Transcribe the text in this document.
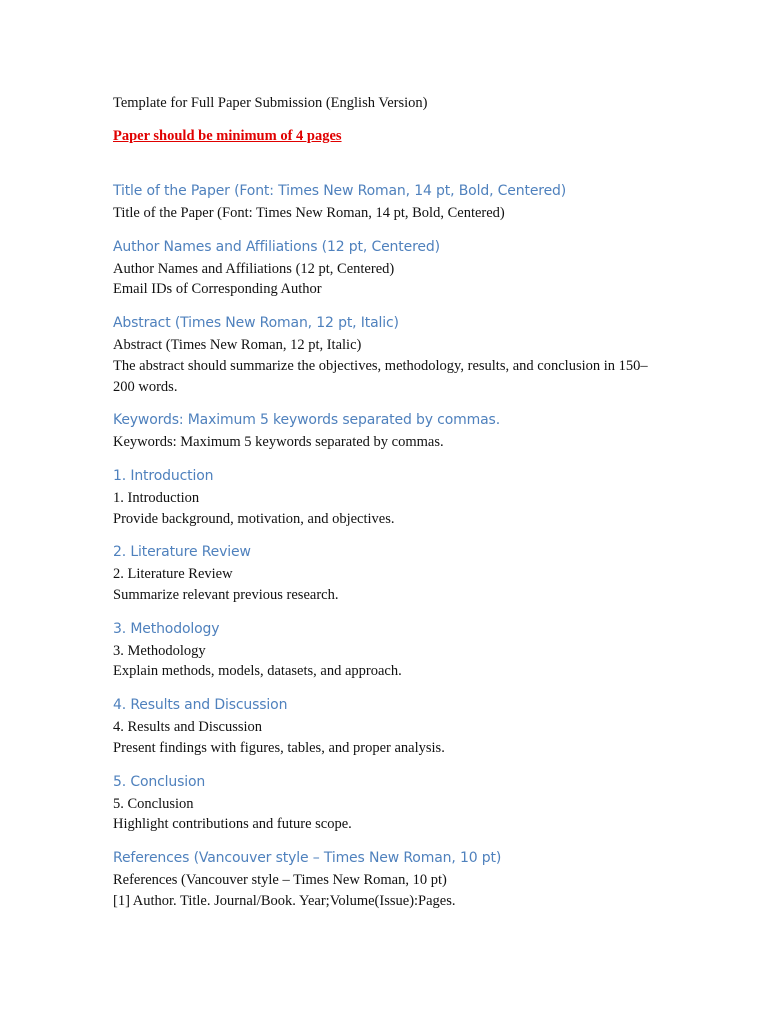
Template for Full Paper Submission (English Version)

Paper should be minimum of 4 pages

Title of the Paper (Font: Times New Roman, 14 pt, Bold, Centered)

Title of the Paper (Font: Times New Roman, 14 pt, Bold, Centered)

Author Names and Affiliations (12 pt, Centered)

Author Names and Affiliations (12 pt, Centered)

Email IDs of Corresponding Author

Abstract (Times New Roman, 12 pt, Italic)

Abstract (Times New Roman, 12 pt, Italic)

The abstract should summarize the objectives, methodology, results, and conclusion in 150–200 words.

Keywords: Maximum 5 keywords separated by commas.

Keywords: Maximum 5 keywords separated by commas.

1. Introduction

1. Introduction

Provide background, motivation, and objectives.

2. Literature Review

2. Literature Review

Summarize relevant previous research.

3. Methodology

3. Methodology

Explain methods, models, datasets, and approach.

4. Results and Discussion

4. Results and Discussion

Present findings with figures, tables, and proper analysis.

5. Conclusion

5. Conclusion

Highlight contributions and future scope.

References (Vancouver style – Times New Roman, 10 pt)

References (Vancouver style – Times New Roman, 10 pt)

[1] Author. Title. Journal/Book. Year;Volume(Issue):Pages.
